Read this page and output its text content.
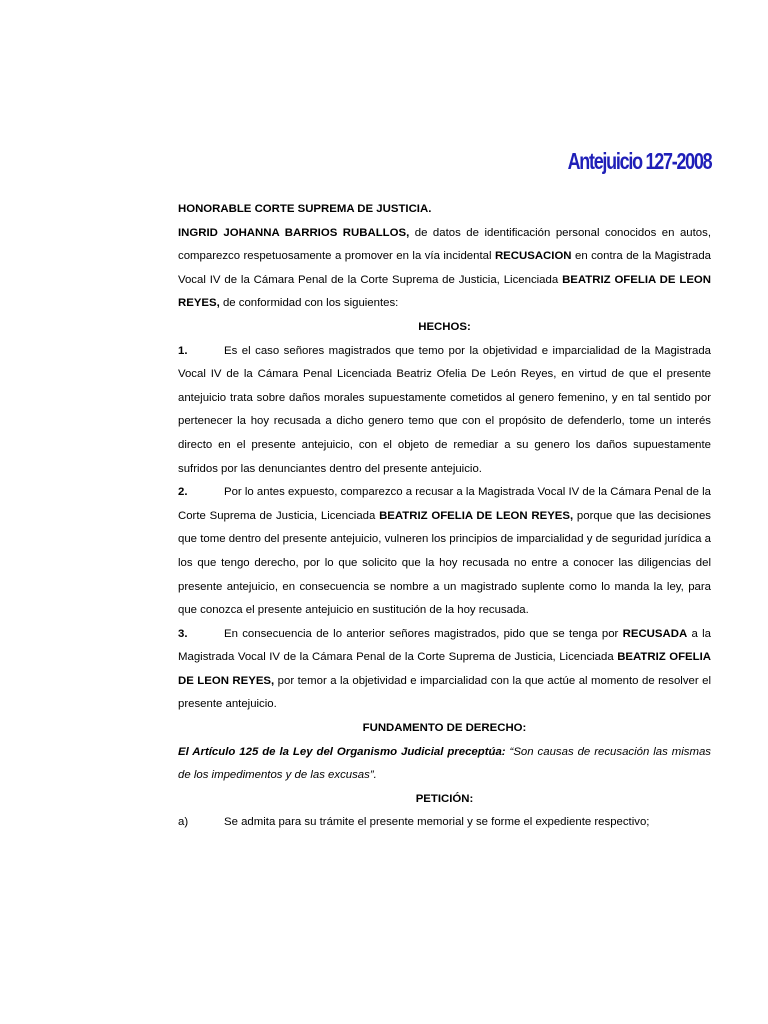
Antejuicio 127-2008
HONORABLE CORTE SUPREMA DE JUSTICIA.

INGRID JOHANNA BARRIOS RUBALLOS, de datos de identificación personal conocidos en autos, comparezco respetuosamente a promover en la vía incidental RECUSACION en contra de la Magistrada Vocal IV de la Cámara Penal de la Corte Suprema de Justicia, Licenciada BEATRIZ OFELIA DE LEON REYES, de conformidad con los siguientes:

HECHOS:

1.	Es el caso señores magistrados que temo por la objetividad e imparcialidad de la Magistrada Vocal IV de la Cámara Penal Licenciada Beatriz Ofelia De León Reyes, en virtud de que el presente antejuicio trata sobre daños morales supuestamente cometidos al genero femenino, y en tal sentido por pertenecer la hoy recusada a dicho genero temo que con el propósito de defenderlo, tome un interés directo en el presente antejuicio, con el objeto de remediar a su genero los daños supuestamente sufridos por las denunciantes dentro del presente antejuicio.

2.	Por lo antes expuesto, comparezco a recusar a la Magistrada Vocal IV de la Cámara Penal de la Corte Suprema de Justicia, Licenciada BEATRIZ OFELIA DE LEON REYES, porque que las decisiones que tome dentro del presente antejuicio, vulneren los principios de imparcialidad y de seguridad jurídica a los que tengo derecho, por lo que solicito que la hoy recusada no entre a conocer las diligencias del presente antejuicio, en consecuencia se nombre a un magistrado suplente como lo manda la ley, para que conozca el presente antejuicio en sustitución de la hoy recusada.

3.	En consecuencia de lo anterior señores magistrados, pido que se tenga por RECUSADA a la Magistrada Vocal IV de la Cámara Penal de la Corte Suprema de Justicia, Licenciada BEATRIZ OFELIA DE LEON REYES, por temor a la objetividad e imparcialidad con la que actúe al momento de resolver el presente antejuicio.

FUNDAMENTO DE DERECHO:

El Artículo 125 de la Ley del Organismo Judicial preceptúa: “Son causas de recusación las mismas de los impedimentos y de las excusas”.

PETICIÓN:

a)	Se admita para su trámite el presente memorial y se forme el expediente respectivo;
